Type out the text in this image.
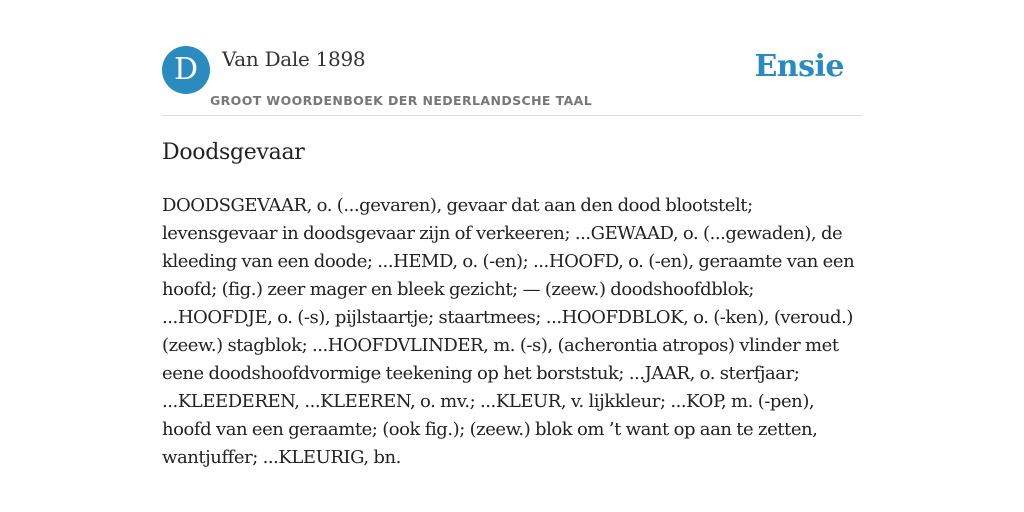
D	Van Dale 1898
GROOT WOORDENBOEK DER NEDERLANDSCHE TAAL
Ensie
Doodsgevaar

DOODSGEVAAR, o. (...gevaren), gevaar dat aan den dood blootstelt; levensgevaar in doodsgevaar zijn of verkeeren; ...GEWAAD, o. (...gewaden), de kleeding van een doode; ...HEMD, o. (-en); ...HOOFD, o. (-en), geraamte van een hoofd; (fig.) zeer mager en bleek gezicht; — (zeew.) doodshoofdblok; ...HOOFDJE, o. (-s), pijlstaartje; staartmees; ...HOOFDBLOK, o. (-ken), (veroud.) (zeew.) stagblok; ...HOOFDVLINDER, m. (-s), (acherontia atropos) vlinder met eene doodshoofdvormige teekening op het borststuk; ...JAAR, o. sterfjaar; ...KLEEDEREN, ...KLEEREN, o. mv.; ...KLEUR, v. lijkkleur; ...KOP, m. (-pen), hoofd van een geraamte; (ook fig.); (zeew.) blok om ’t want op aan te zetten, wantjuffer; ...KLEURIG, bn.
